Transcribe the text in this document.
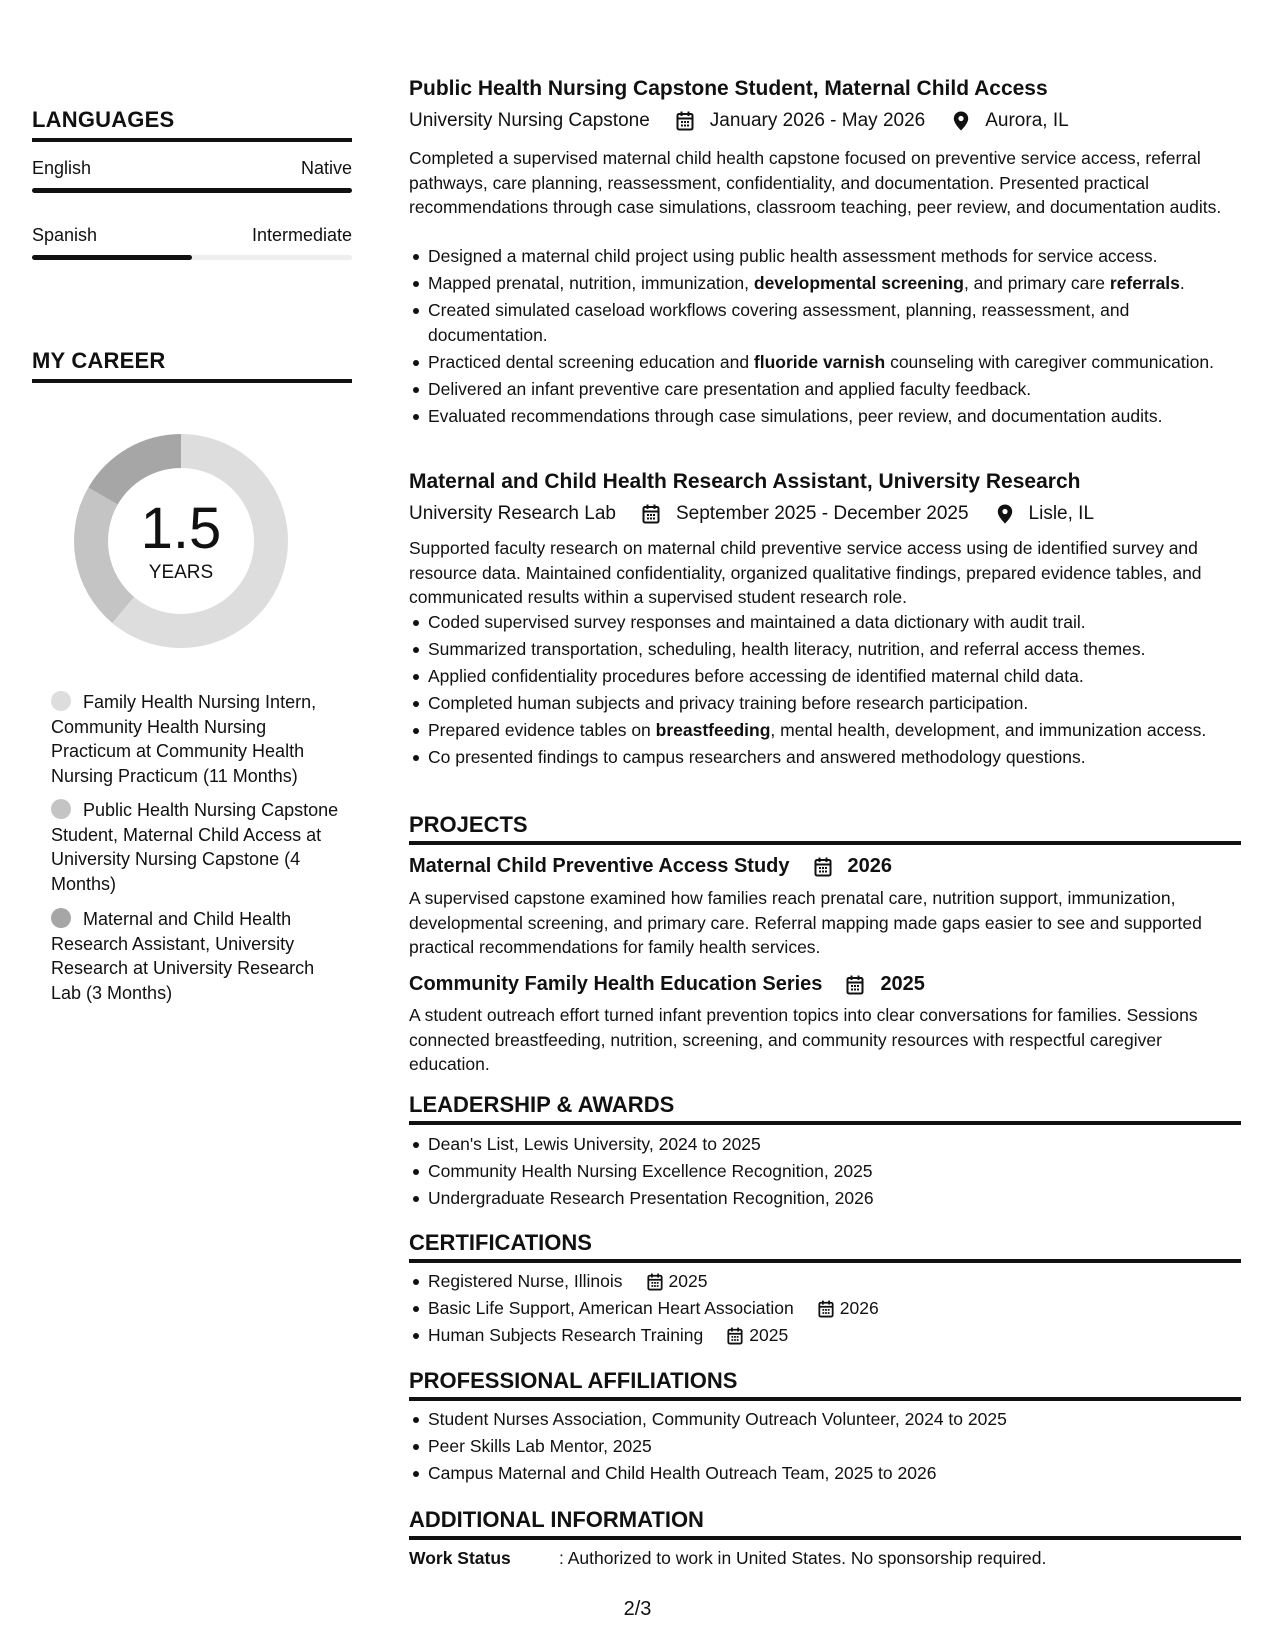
LANGUAGES
English	Native
Spanish	Intermediate
MY CAREER
1.5
YEARS
Family Health Nursing Intern, Community Health Nursing Practicum at Community Health Nursing Practicum (11 Months)
Public Health Nursing Capstone Student, Maternal Child Access at University Nursing Capstone (4 Months)
Maternal and Child Health Research Assistant, University Research at University Research Lab (3 Months)
Public Health Nursing Capstone Student, Maternal Child Access
University Nursing Capstone	January 2026 - May 2026	Aurora, IL
Completed a supervised maternal child health capstone focused on preventive service access, referral pathways, care planning, reassessment, confidentiality, and documentation. Presented practical recommendations through case simulations, classroom teaching, peer review, and documentation audits.
Designed a maternal child project using public health assessment methods for service access.
Mapped prenatal, nutrition, immunization, developmental screening, and primary care referrals.
Created simulated caseload workflows covering assessment, planning, reassessment, and documentation.
Practiced dental screening education and fluoride varnish counseling with caregiver communication.
Delivered an infant preventive care presentation and applied faculty feedback.
Evaluated recommendations through case simulations, peer review, and documentation audits.
Maternal and Child Health Research Assistant, University Research
University Research Lab	September 2025 - December 2025	Lisle, IL
Supported faculty research on maternal child preventive service access using de identified survey and resource data. Maintained confidentiality, organized qualitative findings, prepared evidence tables, and communicated results within a supervised student research role.
Coded supervised survey responses and maintained a data dictionary with audit trail.
Summarized transportation, scheduling, health literacy, nutrition, and referral access themes.
Applied confidentiality procedures before accessing de identified maternal child data.
Completed human subjects and privacy training before research participation.
Prepared evidence tables on breastfeeding, mental health, development, and immunization access.
Co presented findings to campus researchers and answered methodology questions.
PROJECTS
Maternal Child Preventive Access Study	2026
A supervised capstone examined how families reach prenatal care, nutrition support, immunization, developmental screening, and primary care. Referral mapping made gaps easier to see and supported practical recommendations for family health services.
Community Family Health Education Series	2025
A student outreach effort turned infant prevention topics into clear conversations for families. Sessions connected breastfeeding, nutrition, screening, and community resources with respectful caregiver education.
LEADERSHIP & AWARDS
Dean's List, Lewis University, 2024 to 2025
Community Health Nursing Excellence Recognition, 2025
Undergraduate Research Presentation Recognition, 2026
CERTIFICATIONS
Registered Nurse, Illinois	2025
Basic Life Support, American Heart Association	2026
Human Subjects Research Training	2025
PROFESSIONAL AFFILIATIONS
Student Nurses Association, Community Outreach Volunteer, 2024 to 2025
Peer Skills Lab Mentor, 2025
Campus Maternal and Child Health Outreach Team, 2025 to 2026
ADDITIONAL INFORMATION
Work Status	: Authorized to work in United States. No sponsorship required.
2/3
